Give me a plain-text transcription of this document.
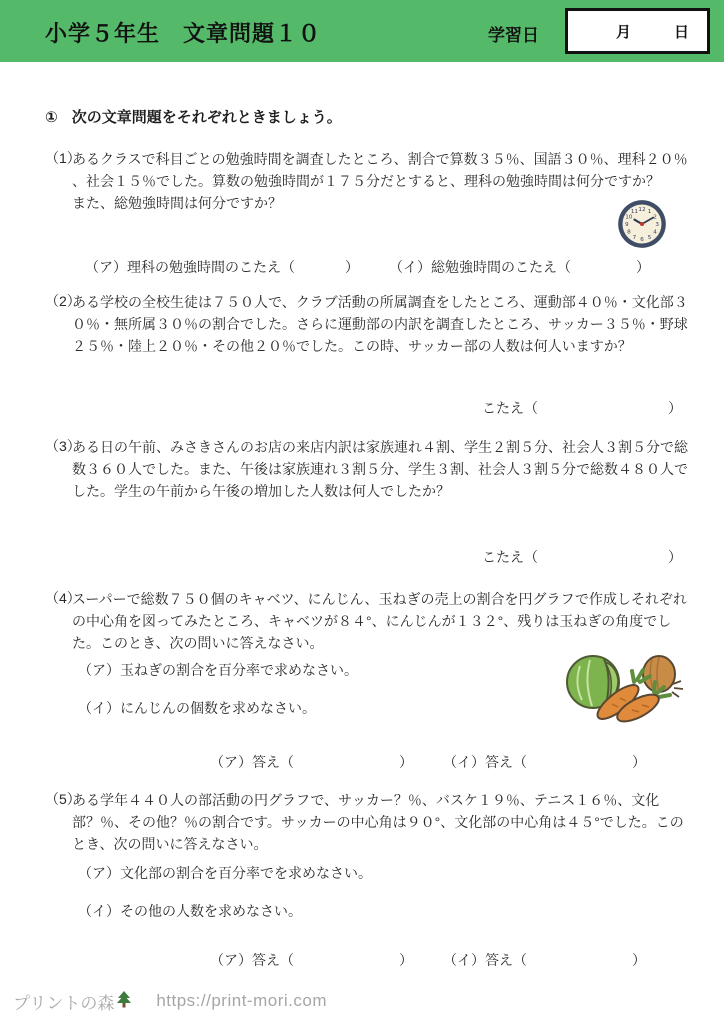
小学５年生　文章問題１０	学習日	月	日
① 次の文章問題をそれぞれときましょう。
（1）
あるクラスで科目ごとの勉強時間を調査したところ、割合で算数３５％、国語３０％、理科２０％
、社会１５％でした。算数の勉強時間が１７５分だとすると、理科の勉強時間は何分ですか？
また、総勉強時間は何分ですか？	12 1
2
3
4
5
6
7
8
9
10
11
（ア）理科の勉強時間のこたえ（	） （イ）総勉強時間のこたえ（	）
（2）
ある学校の全校生徒は７５０人で、クラブ活動の所属調査をしたところ、運動部４０％・文化部３
０％・無所属３０％の割合でした。さらに運動部の内訳を調査したところ、サッカー３５％・野球
２５％・陸上２０％・その他２０％でした。この時、サッカー部の人数は何人いますか？
こたえ（	）
（3）
ある日の午前、みさきさんのお店の来店内訳は家族連れ４割、学生２割５分、社会人３割５分で総
数３６０人でした。また、午後は家族連れ３割５分、学生３割、社会人３割５分で総数４８０人で
した。学生の午前から午後の増加した人数は何人でしたか？
こたえ（	）
（4）
スーパーで総数７５０個のキャベツ、にんじん、玉ねぎの売上の割合を円グラフで作成しそれぞれ
の中心角を図ってみたところ、キャベツが８４°、にんじんが１３２°、残りは玉ねぎの角度でし
た。このとき、次の問いに答えなさい。
（ア）玉ねぎの割合を百分率で求めなさい。
（イ）にんじんの個数を求めなさい。
（ア）答え（	） （イ）答え（	）
（5）
ある学年４４０人の部活動の円グラフで、サッカー？％、バスケ１９％、テニス１６％、文化
部？％、その他？％の割合です。サッカーの中心角は９０°、文化部の中心角は４５°でした。この
とき、次の問いに答えなさい。
（ア）文化部の割合を百分率でを求めなさい。
（イ）その他の人数を求めなさい。
（ア）答え（	） （イ）答え（	）
プリントの森 https://print-mori.com
